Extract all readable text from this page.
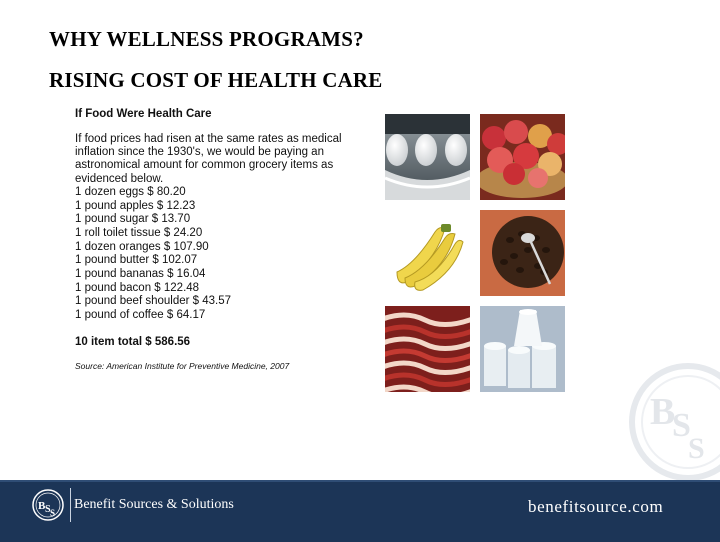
WHY WELLNESS PROGRAMS?
RISING COST OF HEALTH CARE

If Food Were Health Care

If food prices had risen at the same rates as medical inflation since the 1930's, we would be paying an astronomical amount for common grocery items as evidenced below.

1 dozen eggs $ 80.20
1 pound apples $ 12.23
1 pound sugar $ 13.70
1 roll toilet tissue $ 24.20
1 dozen oranges $ 107.90
1 pound butter $ 102.07
1 pound bananas $ 16.04
1 pound bacon $ 122.48
1 pound beef shoulder $ 43.57
1 pound of coffee $ 64.17
10 item total $ 586.56
Source: American Institute for Preventive Medicine, 2007
B
S
S
B S S
Benefit Sources & Solutions	benefitsource.com
